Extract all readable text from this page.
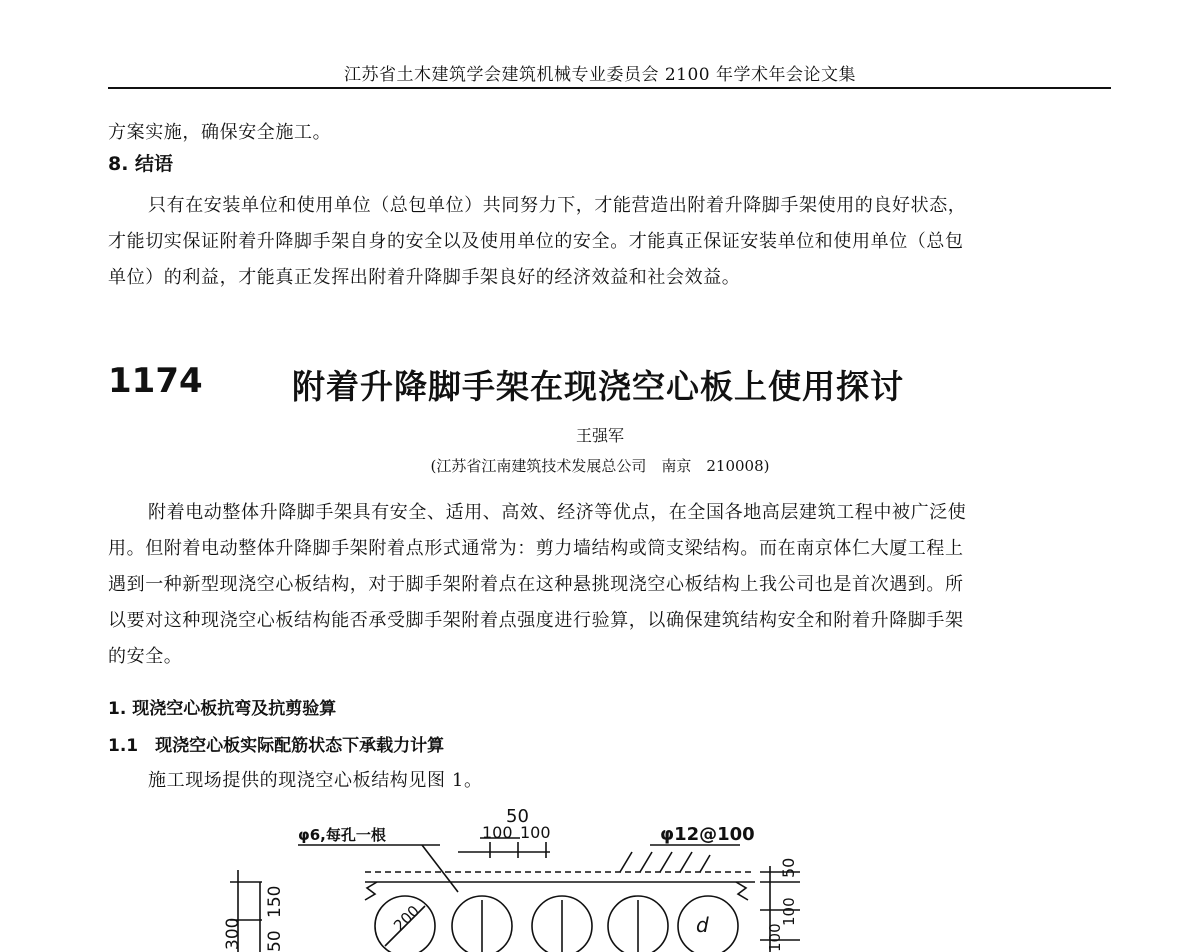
江苏省土木建筑学会建筑机械专业委员会 2100 年学术年会论文集
方案实施，确保安全施工。
8. 结语
只有在安装单位和使用单位（总包单位）共同努力下，才能营造出附着升降脚手架使用的良好状态，
才能切实保证附着升降脚手架自身的安全以及使用单位的安全。才能真正保证安装单位和使用单位（总包
单位）的利益，才能真正发挥出附着升降脚手架良好的经济效益和社会效益。
1174	附着升降脚手架在现浇空心板上使用探讨
王强军
(江苏省江南建筑技术发展总公司　南京　210008)
附着电动整体升降脚手架具有安全、适用、高效、经济等优点，在全国各地高层建筑工程中被广泛使
用。但附着电动整体升降脚手架附着点形式通常为：剪力墙结构或筒支梁结构。而在南京体仁大厦工程上
遇到一种新型现浇空心板结构，对于脚手架附着点在这种悬挑现浇空心板结构上我公司也是首次遇到。所
以要对这种现浇空心板结构能否承受脚手架附着点强度进行验算，以确保建筑结构安全和附着升降脚手架
的安全。
1. 现浇空心板抗弯及抗剪验算
1.1　现浇空心板实际配筋状态下承载力计算
施工现场提供的现浇空心板结构见图 1。
φ6,每孔一根
50
100 100	φ12@100
300
150
50
50
100
100
200	d
